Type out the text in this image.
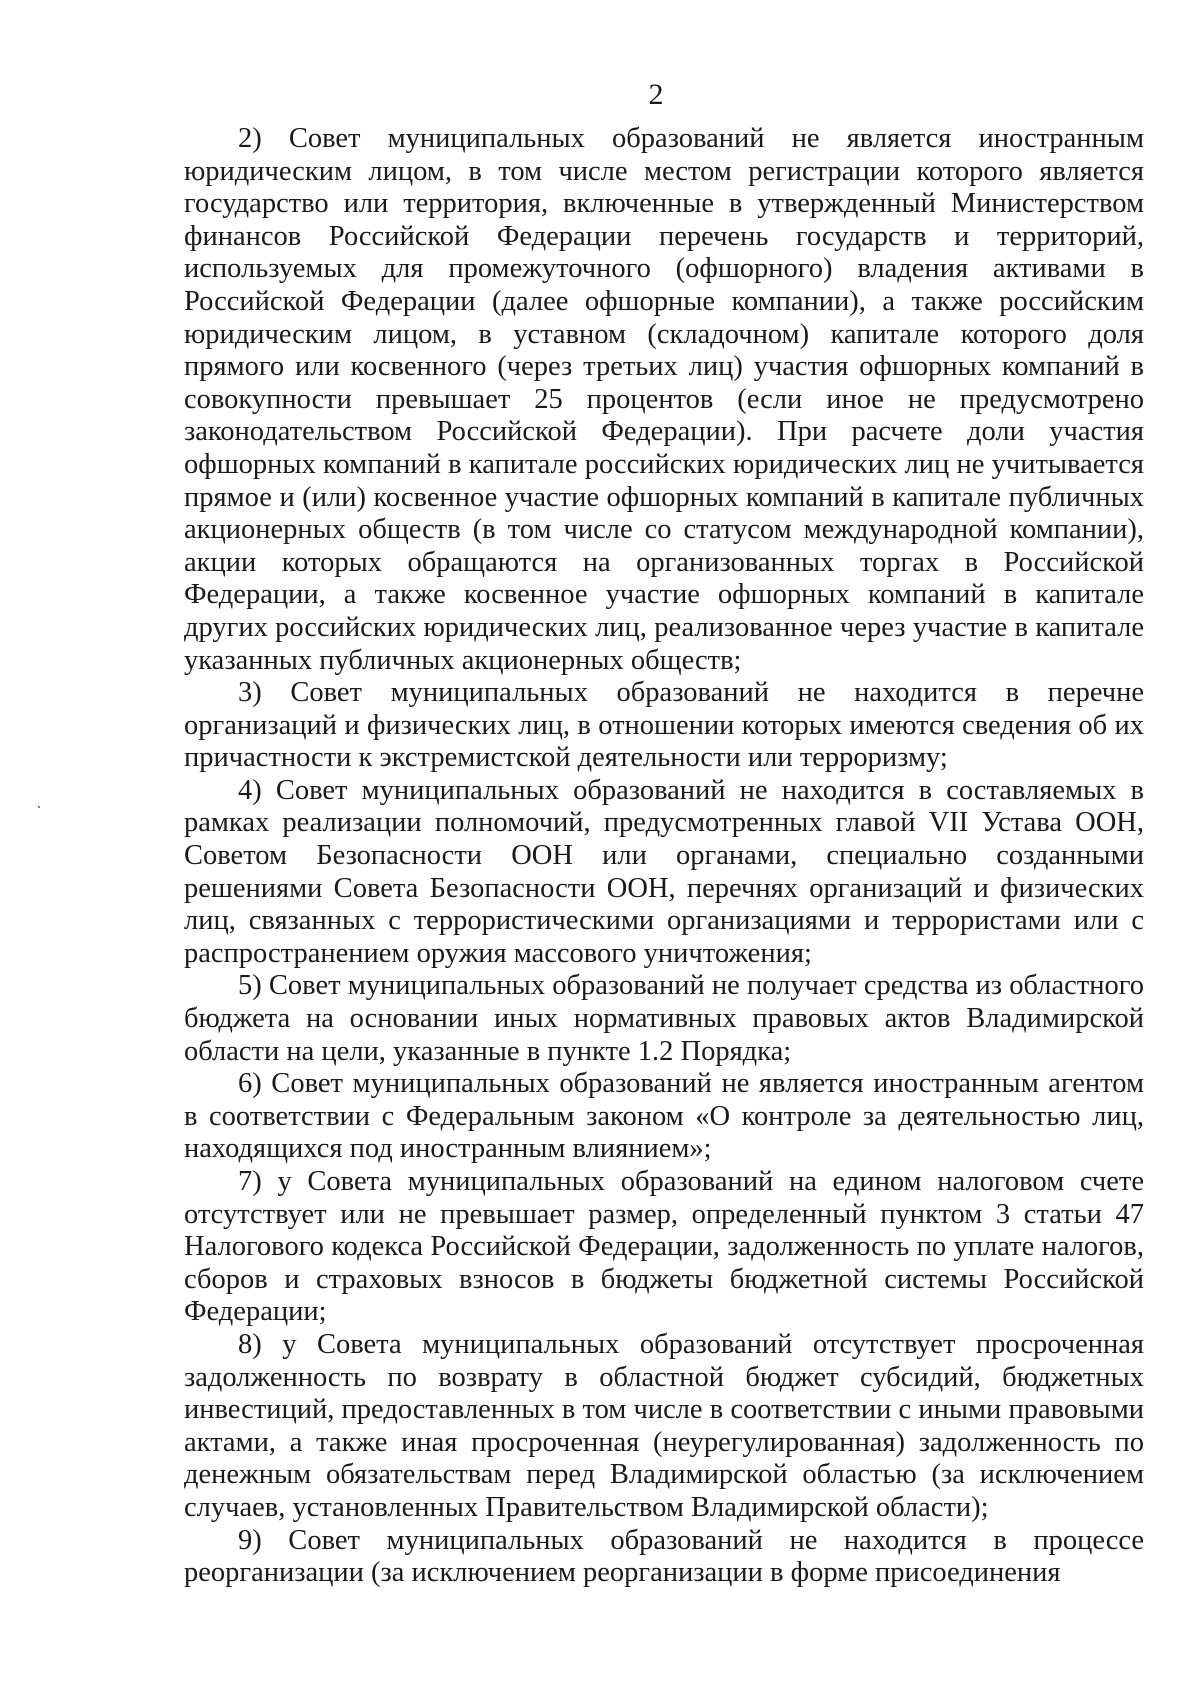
2

2) Совет муниципальных образований не является иностранным юридическим лицом, в том числе местом регистрации которого является государство или территория, включенные в утвержденный Министерством финансов Российской Федерации перечень государств и территорий, используемых для промежуточного (офшорного) владения активами в Российской Федерации (далее офшорные компании), а также российским юридическим лицом, в уставном (складочном) капитале которого доля прямого или косвенного (через третьих лиц) участия офшорных компаний в совокупности превышает 25 процентов (если иное не предусмотрено законодательством Российской Федерации). При расчете доли участия офшорных компаний в капитале российских юридических лиц не учитывается прямое и (или) косвенное участие офшорных компаний в капитале публичных акционерных обществ (в том числе со статусом международной компании), акции которых обращаются на организованных торгах в Российской Федерации, а также косвенное участие офшорных компаний в капитале других российских юридических лиц, реализованное через участие в капитале указанных публичных акционерных обществ;

3) Совет муниципальных образований не находится в перечне организаций и физических лиц, в отношении которых имеются сведения об их причастности к экстремистской деятельности или терроризму;

4) Совет муниципальных образований не находится в составляемых в рамках реализации полномочий, предусмотренных главой VII Устава ООН, Советом Безопасности ООН или органами, специально созданными решениями Совета Безопасности ООН, перечнях организаций и физических лиц, связанных с террористическими организациями и террористами или с распространением оружия массового уничтожения;

5) Совет муниципальных образований не получает средства из областного бюджета на основании иных нормативных правовых актов Владимирской области на цели, указанные в пункте 1.2 Порядка;

6) Совет муниципальных образований не является иностранным агентом в соответствии с Федеральным законом «О контроле за деятельностью лиц, находящихся под иностранным влиянием»;

7) у Совета муниципальных образований на едином налоговом счете отсутствует или не превышает размер, определенный пунктом 3 статьи 47 Налогового кодекса Российской Федерации, задолженность по уплате налогов, сборов и страховых взносов в бюджеты бюджетной системы Российской Федерации;

8) у Совета муниципальных образований отсутствует просроченная задолженность по возврату в областной бюджет субсидий, бюджетных инвестиций, предоставленных в том числе в соответствии с иными правовыми актами, а также иная просроченная (неурегулированная) задолженность по денежным обязательствам перед Владимирской областью (за исключением случаев, установленных Правительством Владимирской области);

9) Совет муниципальных образований не находится в процессе реорганизации (за исключением реорганизации в форме присоединения
